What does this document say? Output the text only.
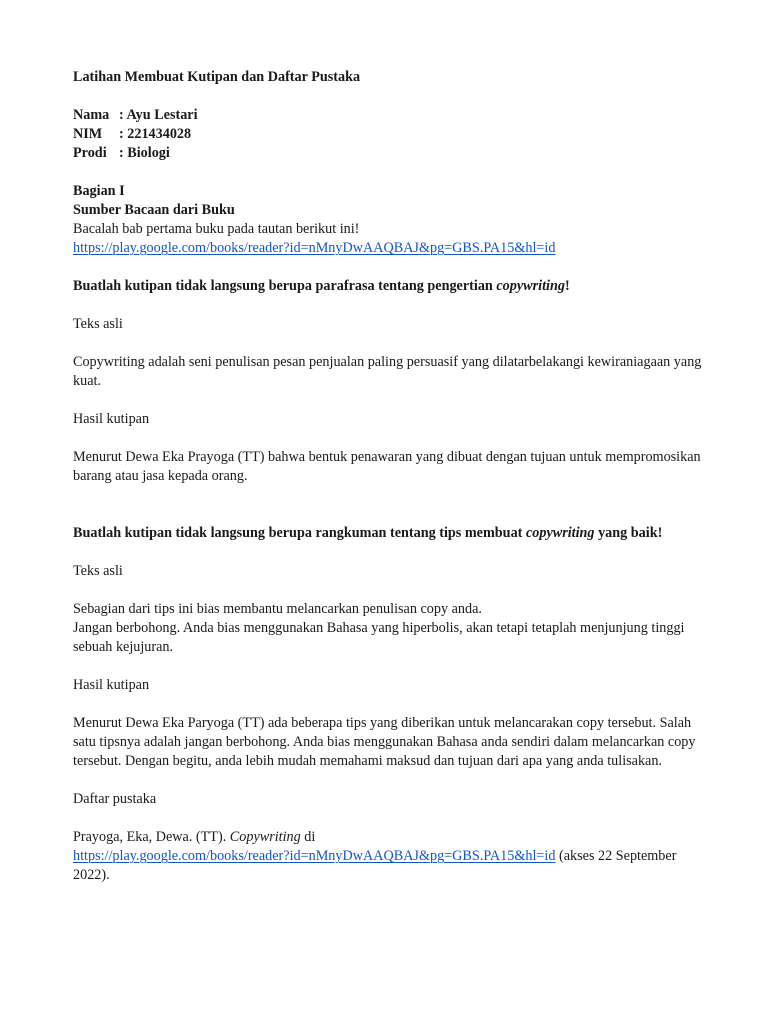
Latihan Membuat Kutipan dan Daftar Pustaka

Nama	: Ayu Lestari
NIM	: 221434028
Prodi	: Biologi

Bagian I

Sumber Bacaan dari Buku

Bacalah bab pertama buku pada tautan berikut ini!

https://play.google.com/books/reader?id=nMnyDwAAQBAJ&pg=GBS.PA15&hl=id

Buatlah kutipan tidak langsung berupa parafrasa tentang pengertian copywriting!

Teks asli

Copywriting adalah seni penulisan pesan penjualan paling persuasif yang dilatarbelakangi kewiraniagaan yang kuat.

Hasil kutipan

Menurut Dewa Eka Prayoga (TT) bahwa bentuk penawaran yang dibuat dengan tujuan untuk mempromosikan barang atau jasa kepada orang.

Buatlah kutipan tidak langsung berupa rangkuman tentang tips membuat copywriting yang baik!

Teks asli

Sebagian dari tips ini bias membantu melancarkan penulisan copy anda.

Jangan berbohong. Anda bias menggunakan Bahasa yang hiperbolis, akan tetapi tetaplah menjunjung tinggi sebuah kejujuran.

Hasil kutipan

Menurut Dewa Eka Paryoga (TT) ada beberapa tips yang diberikan untuk melancarakan copy tersebut. Salah satu tipsnya adalah jangan berbohong. Anda bias menggunakan Bahasa anda sendiri dalam melancarkan copy tersebut. Dengan begitu, anda lebih mudah memahami maksud dan tujuan dari apa yang anda tulisakan.

Daftar pustaka

Prayoga, Eka, Dewa. (TT). Copywriting di
https://play.google.com/books/reader?id=nMnyDwAAQBAJ&pg=GBS.PA15&hl=id (akses 22 September 2022).
